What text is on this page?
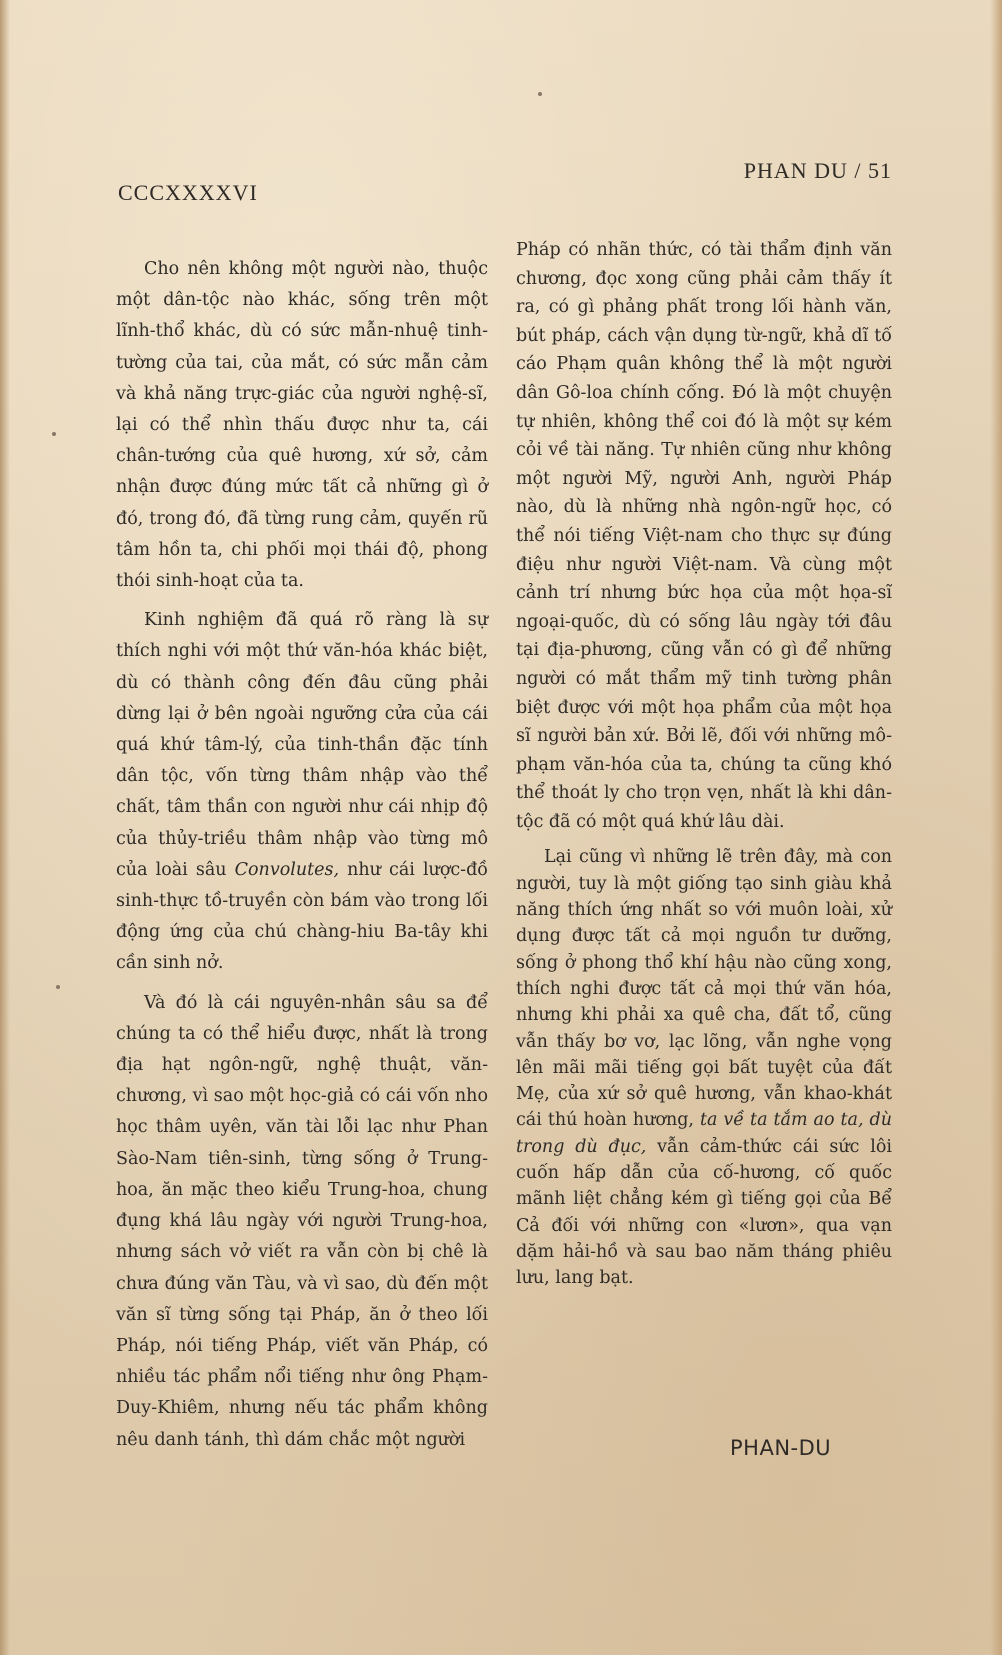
CCCXXXXVI
PHAN DU / 51

Cho nên không một người nào, thuộc một dân-tộc nào khác, sống trên một lĩnh-thổ khác, dù có sức mẫn-nhuệ tinh-tường của tai, của mắt, có sức mẫn cảm và khả năng trực-giác của người nghệ-sĩ, lại có thể nhìn thấu được như ta, cái chân-tướng của quê hương, xứ sở, cảm nhận được đúng mức tất cả những gì ở đó, trong đó, đã từng rung cảm, quyến rũ tâm hồn ta, chi phối mọi thái độ, phong thói sinh-hoạt của ta.

Kinh nghiệm đã quá rõ ràng là sự thích nghi với một thứ văn-hóa khác biệt, dù có thành công đến đâu cũng phải dừng lại ở bên ngoài ngưỡng cửa của cái quá khứ tâm-lý, của tinh-thần đặc tính dân tộc, vốn từng thâm nhập vào thể chất, tâm thần con người như cái nhịp độ của thủy-triều thâm nhập vào từng mô của loài sâu Convolutes, như cái lược-đồ sinh-thực tồ-truyền còn bám vào trong lối động ứng của chú chàng-hiu Ba-tây khi cần sinh nở.

Và đó là cái nguyên-nhân sâu sa để chúng ta có thể hiểu được, nhất là trong địa hạt ngôn-ngữ, nghệ thuật, văn-chương, vì sao một học-giả có cái vốn nho học thâm uyên, văn tài lỗi lạc như Phan Sào-Nam tiên-sinh, từng sống ở Trung-hoa, ăn mặc theo kiểu Trung-hoa, chung đụng khá lâu ngày với người Trung-hoa, nhưng sách vở viết ra vẫn còn bị chê là chưa đúng văn Tàu, và vì sao, dù đến một văn sĩ từng sống tại Pháp, ăn ở theo lối Pháp, nói tiếng Pháp, viết văn Pháp, có nhiều tác phẩm nổi tiếng như ông Phạm-Duy-Khiêm, nhưng nếu tác phẩm không nêu danh tánh, thì dám chắc một người

Pháp có nhãn thức, có tài thẩm định văn chương, đọc xong cũng phải cảm thấy ít ra, có gì phảng phất trong lối hành văn, bút pháp, cách vận dụng từ-ngữ, khả dĩ tố cáo Phạm quân không thể là một người dân Gô-loa chính cống. Đó là một chuyện tự nhiên, không thể coi đó là một sự kém cỏi về tài năng. Tự nhiên cũng như không một người Mỹ, người Anh, người Pháp nào, dù là những nhà ngôn-ngữ học, có thể nói tiếng Việt-nam cho thực sự đúng điệu như người Việt-nam. Và cùng một cảnh trí nhưng bức họa của một họa-sĩ ngoại-quốc, dù có sống lâu ngày tới đâu tại địa-phương, cũng vẫn có gì để những người có mắt thẩm mỹ tinh tường phân biệt được với một họa phẩm của một họa sĩ người bản xứ. Bởi lẽ, đối với những mô-phạm văn-hóa của ta, chúng ta cũng khó thể thoát ly cho trọn vẹn, nhất là khi dân-tộc đã có một quá khứ lâu dài.

Lại cũng vì những lẽ trên đây, mà con người, tuy là một giống tạo sinh giàu khả năng thích ứng nhất so với muôn loài, xử dụng được tất cả mọi nguồn tư dưỡng, sống ở phong thổ khí hậu nào cũng xong, thích nghi được tất cả mọi thứ văn hóa, nhưng khi phải xa quê cha, đất tổ, cũng vẫn thấy bơ vơ, lạc lõng, vẫn nghe vọng lên mãi mãi tiếng gọi bất tuyệt của đất Mẹ, của xứ sở quê hương, vẫn khao-khát cái thú hoàn hương, ta về ta tắm ao ta, dù trong dù đục, vẫn cảm-thức cái sức lôi cuốn hấp dẫn của cố-hương, cố quốc mãnh liệt chẳng kém gì tiếng gọi của Bể Cả đối với những con «lươn», qua vạn dặm hải-hồ và sau bao năm tháng phiêu lưu, lang bạt.

PHAN-DU
